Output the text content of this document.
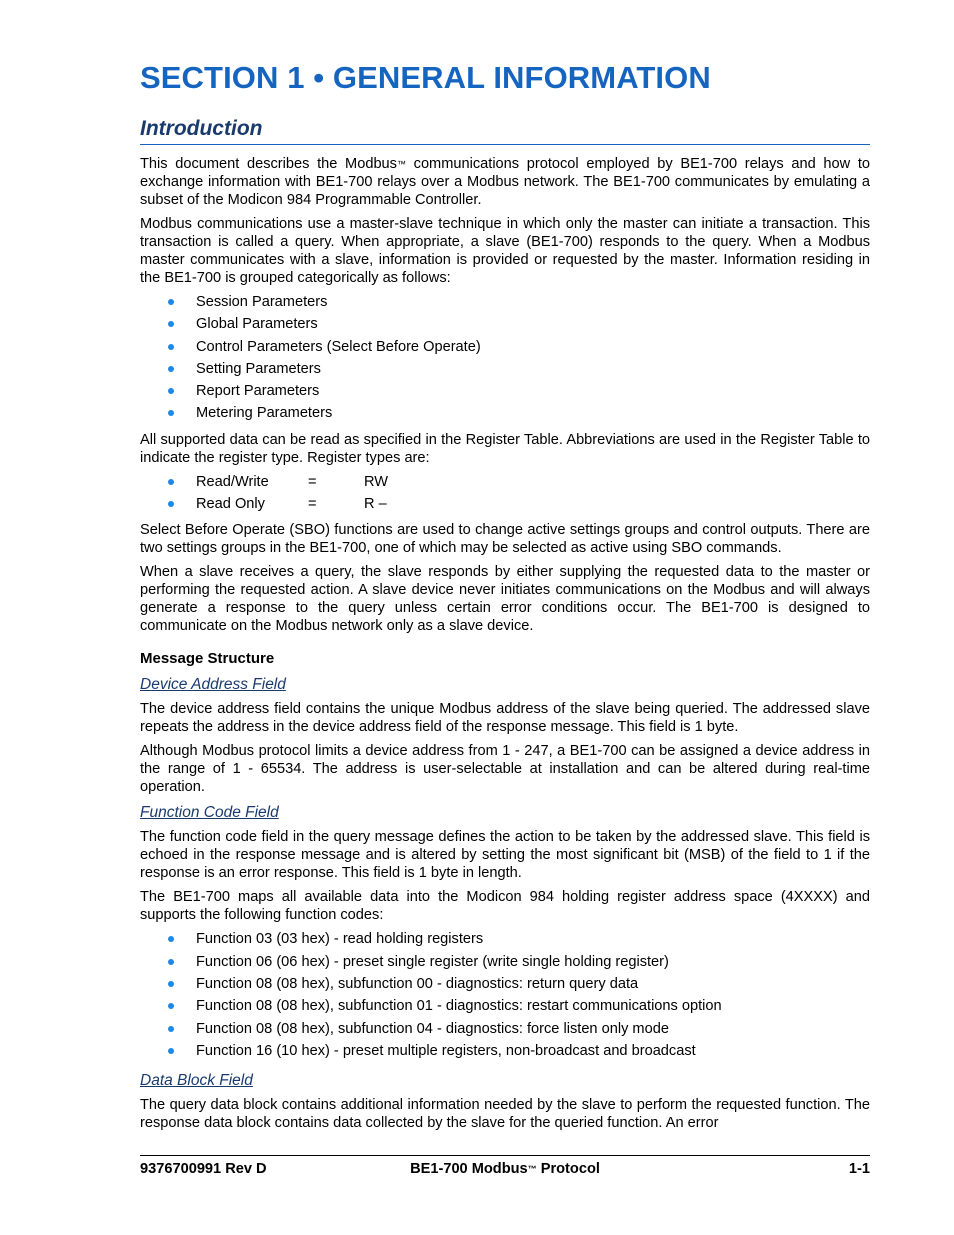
SECTION 1 • GENERAL INFORMATION
Introduction

This document describes the Modbus™ communications protocol employed by BE1-700 relays and how to exchange information with BE1-700 relays over a Modbus network. The BE1-700 communicates by emulating a subset of the Modicon 984 Programmable Controller.

Modbus communications use a master-slave technique in which only the master can initiate a transaction. This transaction is called a query. When appropriate, a slave (BE1-700) responds to the query. When a Modbus master communicates with a slave, information is provided or requested by the master. Information residing in the BE1-700 is grouped categorically as follows:

Session Parameters
Global Parameters
Control Parameters (Select Before Operate)
Setting Parameters
Report Parameters
Metering Parameters

All supported data can be read as specified in the Register Table. Abbreviations are used in the Register Table to indicate the register type. Register types are:

Read/Write	=	RW
Read Only	=	R –

Select Before Operate (SBO) functions are used to change active settings groups and control outputs. There are two settings groups in the BE1-700, one of which may be selected as active using SBO commands.

When a slave receives a query, the slave responds by either supplying the requested data to the master or performing the requested action. A slave device never initiates communications on the Modbus and will always generate a response to the query unless certain error conditions occur. The BE1-700 is designed to communicate on the Modbus network only as a slave device.

Message Structure
Device Address Field

The device address field contains the unique Modbus address of the slave being queried. The addressed slave repeats the address in the device address field of the response message. This field is 1 byte.

Although Modbus protocol limits a device address from 1 - 247, a BE1-700 can be assigned a device address in the range of 1 - 65534. The address is user-selectable at installation and can be altered during real-time operation.

Function Code Field

The function code field in the query message defines the action to be taken by the addressed slave. This field is echoed in the response message and is altered by setting the most significant bit (MSB) of the field to 1 if the response is an error response. This field is 1 byte in length.

The BE1-700 maps all available data into the Modicon 984 holding register address space (4XXXX) and supports the following function codes:

Function 03 (03 hex) - read holding registers
Function 06 (06 hex) - preset single register (write single holding register)
Function 08 (08 hex), subfunction 00 - diagnostics: return query data
Function 08 (08 hex), subfunction 01 - diagnostics: restart communications option
Function 08 (08 hex), subfunction 04 - diagnostics: force listen only mode
Function 16 (10 hex) - preset multiple registers, non-broadcast and broadcast
Data Block Field

The query data block contains additional information needed by the slave to perform the requested function. The response data block contains data collected by the slave for the queried function. An error

9376700991 Rev D	BE1-700 Modbus™ Protocol	1-1
